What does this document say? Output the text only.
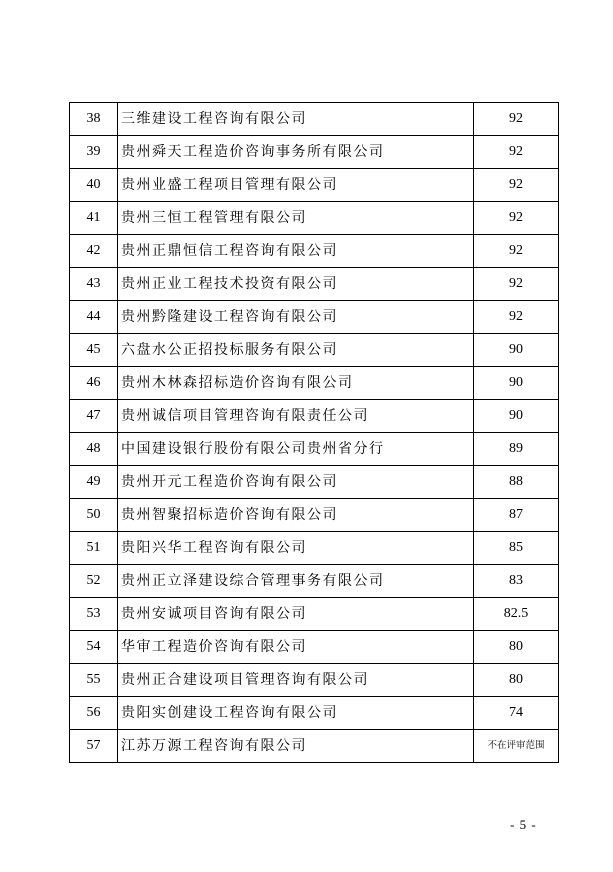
38	三维建设工程咨询有限公司	92
39	贵州舜天工程造价咨询事务所有限公司	92
40	贵州业盛工程项目管理有限公司	92
41	贵州三恒工程管理有限公司	92
42	贵州正鼎恒信工程咨询有限公司	92
43	贵州正业工程技术投资有限公司	92
44	贵州黔隆建设工程咨询有限公司	92
45	六盘水公正招投标服务有限公司	90
46	贵州木林森招标造价咨询有限公司	90
47	贵州诚信项目管理咨询有限责任公司	90
48	中国建设银行股份有限公司贵州省分行	89
49	贵州开元工程造价咨询有限公司	88
50	贵州智聚招标造价咨询有限公司	87
51	贵阳兴华工程咨询有限公司	85
52	贵州正立泽建设综合管理事务有限公司	83
53	贵州安诚项目咨询有限公司	82.5
54	华审工程造价咨询有限公司	80
55	贵州正合建设项目管理咨询有限公司	80
56	贵阳实创建设工程咨询有限公司	74
57	江苏万源工程咨询有限公司	不在评审范围
- 5 -
